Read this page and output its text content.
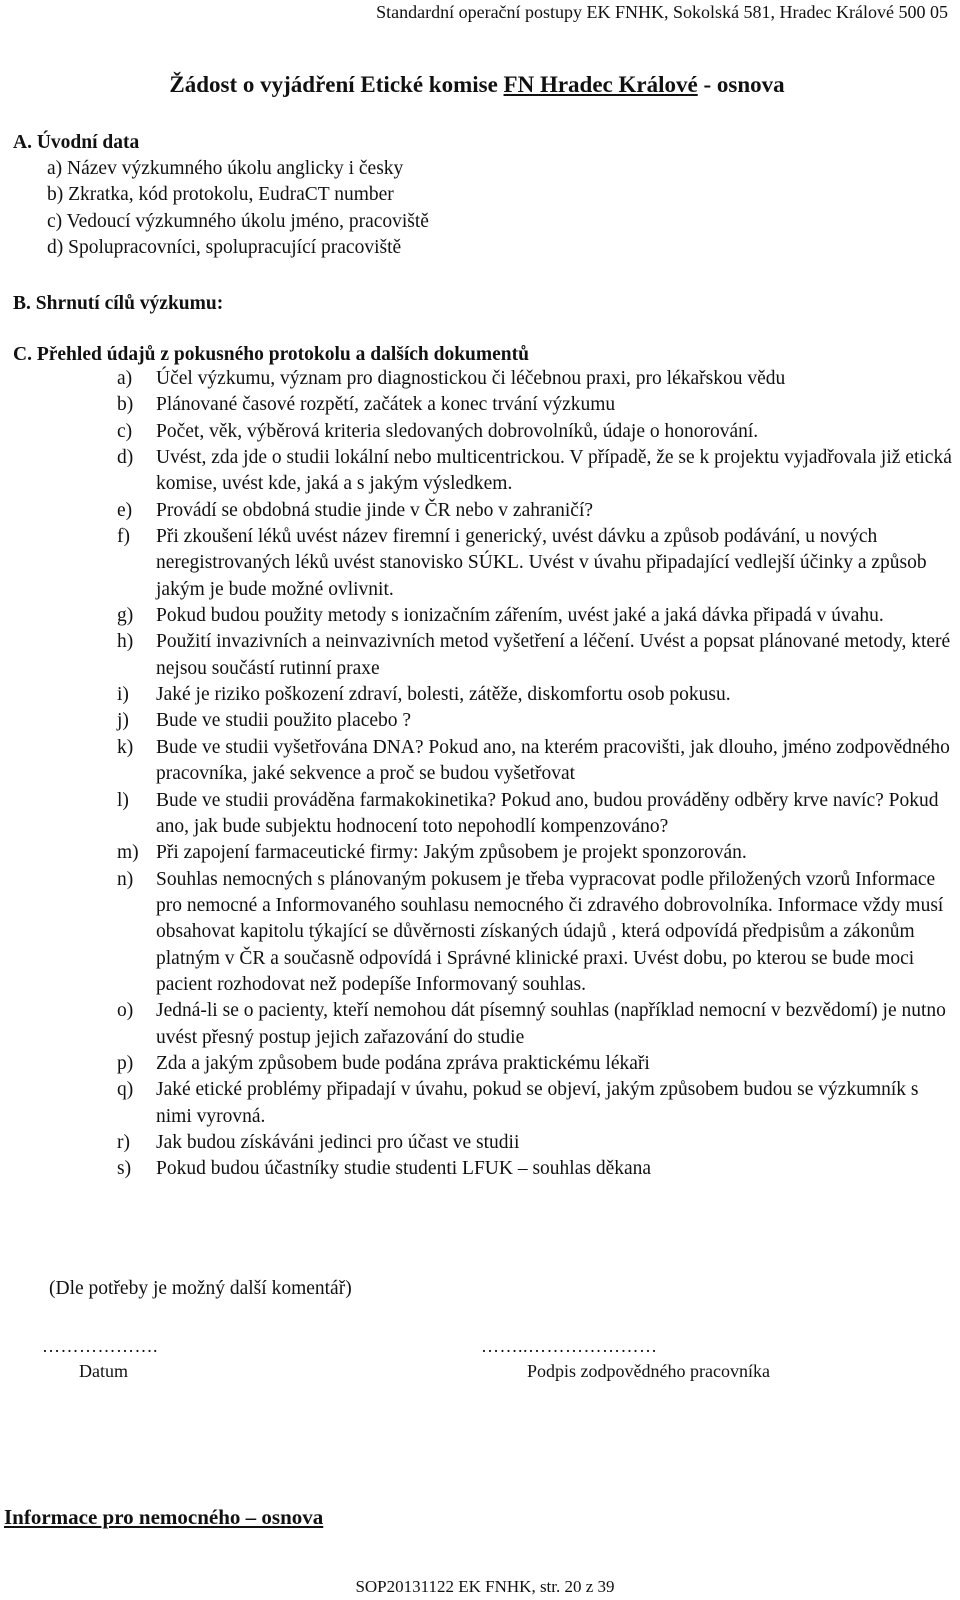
Standardní operační postupy EK FNHK, Sokolská 581, Hradec Králové 500 05
Žádost o vyjádření Etické komise FN Hradec Králové - osnova
A. Úvodní data
a) Název výzkumného úkolu anglicky i česky
b) Zkratka, kód protokolu, EudraCT number
c) Vedoucí výzkumného úkolu jméno, pracoviště
d) Spolupracovníci, spolupracující pracoviště
B. Shrnutí cílů výzkumu:
C. Přehled údajů z pokusného protokolu a dalších dokumentů
a) Účel výzkumu, význam pro diagnostickou či léčebnou praxi, pro lékařskou vědu
b) Plánované časové rozpětí, začátek a konec trvání výzkumu
c) Počet, věk, výběrová kriteria sledovaných dobrovolníků, údaje o honorování.
d) Uvést, zda jde o studii lokální nebo multicentrickou. V případě, že se k projektu vyjadřovala již etická komise, uvést kde, jaká a s jakým výsledkem.
e) Provádí se obdobná studie jinde v ČR nebo v zahraničí?
f) Při zkoušení léků uvést název firemní i generický, uvést dávku a způsob podávání, u nových neregistrovaných léků uvést stanovisko SÚKL. Uvést v úvahu připadající vedlejší účinky a způsob jakým je bude možné ovlivnit.
g) Pokud budou použity metody s ionizačním zářením, uvést jaké a jaká dávka připadá v úvahu.
h) Použití invazivních a neinvazivních metod vyšetření a léčení. Uvést a popsat plánované metody, které nejsou součástí rutinní praxe
i) Jaké je riziko poškození zdraví, bolesti, zátěže, diskomfortu osob pokusu.
j) Bude ve studii použito placebo ?
k) Bude ve studii vyšetřována DNA? Pokud ano, na kterém pracovišti, jak dlouho, jméno zodpovědného pracovníka, jaké sekvence a proč se budou vyšetřovat
l) Bude ve studii prováděna farmakokinetika? Pokud ano, budou prováděny odběry krve navíc? Pokud ano, jak bude subjektu hodnocení toto nepohodlí kompenzováno?
m) Při zapojení farmaceutické firmy: Jakým způsobem je projekt sponzorován.
n) Souhlas nemocných s plánovaným pokusem je třeba vypracovat podle přiložených vzorů Informace pro nemocné a Informovaného souhlasu nemocného či zdravého dobrovolníka. Informace vždy musí obsahovat kapitolu týkající se důvěrnosti získaných údajů , která odpovídá předpisům a zákonům platným v ČR a současně odpovídá i Správné klinické praxi. Uvést dobu, po kterou se bude moci pacient rozhodovat než podepíše Informovaný souhlas.
o) Jedná-li se o pacienty, kteří nemohou dát písemný souhlas (například nemocní v bezvědomí) je nutno uvést přesný postup jejich zařazování do studie
p) Zda a jakým způsobem bude podána zpráva praktickému lékaři
q) Jaké etické problémy připadají v úvahu, pokud se objeví, jakým způsobem budou se výzkumník s nimi vyrovná.
r) Jak budou získáváni jedinci pro účast ve studii
s) Pokud budou účastníky studie studenti LFUK – souhlas děkana
(Dle potřeby je možný další komentář)
……………….
Datum
……..…………………
Podpis zodpovědného pracovníka
Informace pro nemocného – osnova
SOP20131122 EK FNHK, str. 20 z 39
